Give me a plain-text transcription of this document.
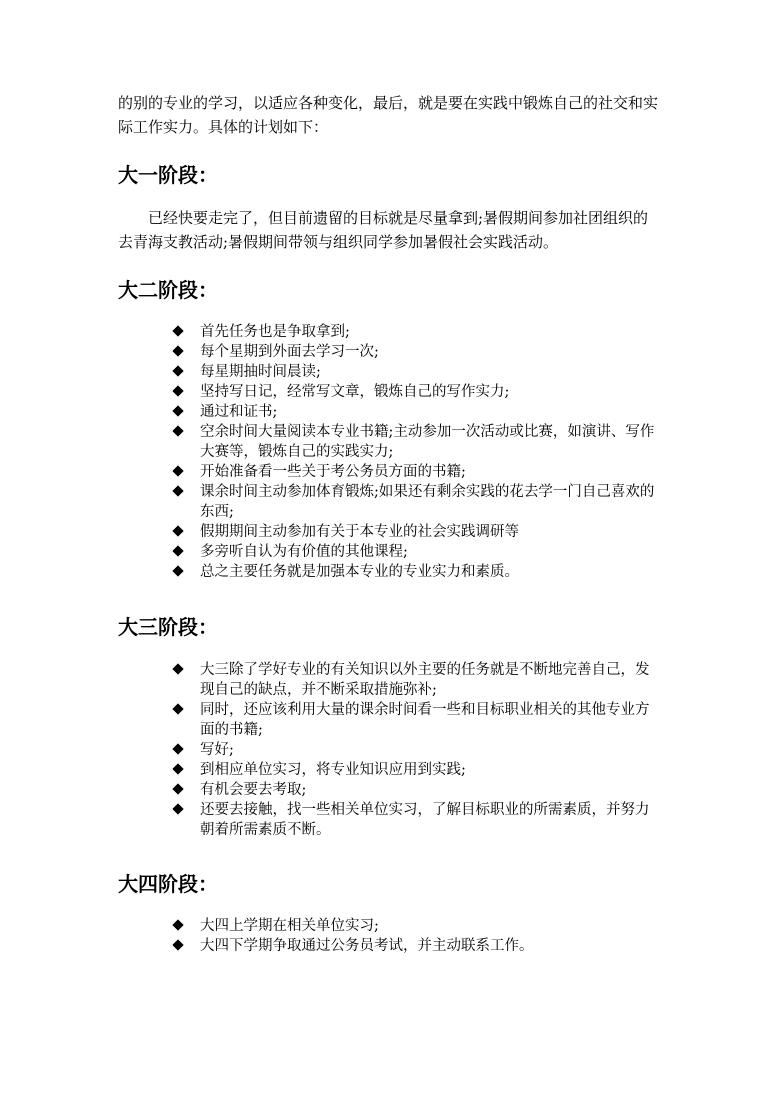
的别的专业的学习，以适应各种变化，最后，就是要在实践中锻炼自己的社交和实际工作实力。具体的计划如下：

大一阶段：

已经快要走完了，但目前遗留的目标就是尽量拿到;暑假期间参加社团组织的去青海支教活动;暑假期间带领与组织同学参加暑假社会实践活动。

大二阶段：
首先任务也是争取拿到;
每个星期到外面去学习一次;
每星期抽时间晨读;
坚持写日记，经常写文章，锻炼自己的写作实力;
通过和证书;
空余时间大量阅读本专业书籍;主动参加一次活动或比赛，如演讲、写作大赛等，锻炼自己的实践实力;
开始准备看一些关于考公务员方面的书籍;
课余时间主动参加体育锻炼;如果还有剩余实践的花去学一门自己喜欢的东西;
假期期间主动参加有关于本专业的社会实践调研等
多旁听自认为有价值的其他课程;
总之主要任务就是加强本专业的专业实力和素质。
大三阶段：
大三除了学好专业的有关知识以外主要的任务就是不断地完善自己，发现自己的缺点，并不断采取措施弥补;
同时，还应该利用大量的课余时间看一些和目标职业相关的其他专业方面的书籍;
写好;
到相应单位实习，将专业知识应用到实践;
有机会要去考取;
还要去接触，找一些相关单位实习，了解目标职业的所需素质，并努力朝着所需素质不断。
大四阶段：
大四上学期在相关单位实习;
大四下学期争取通过公务员考试，并主动联系工作。
